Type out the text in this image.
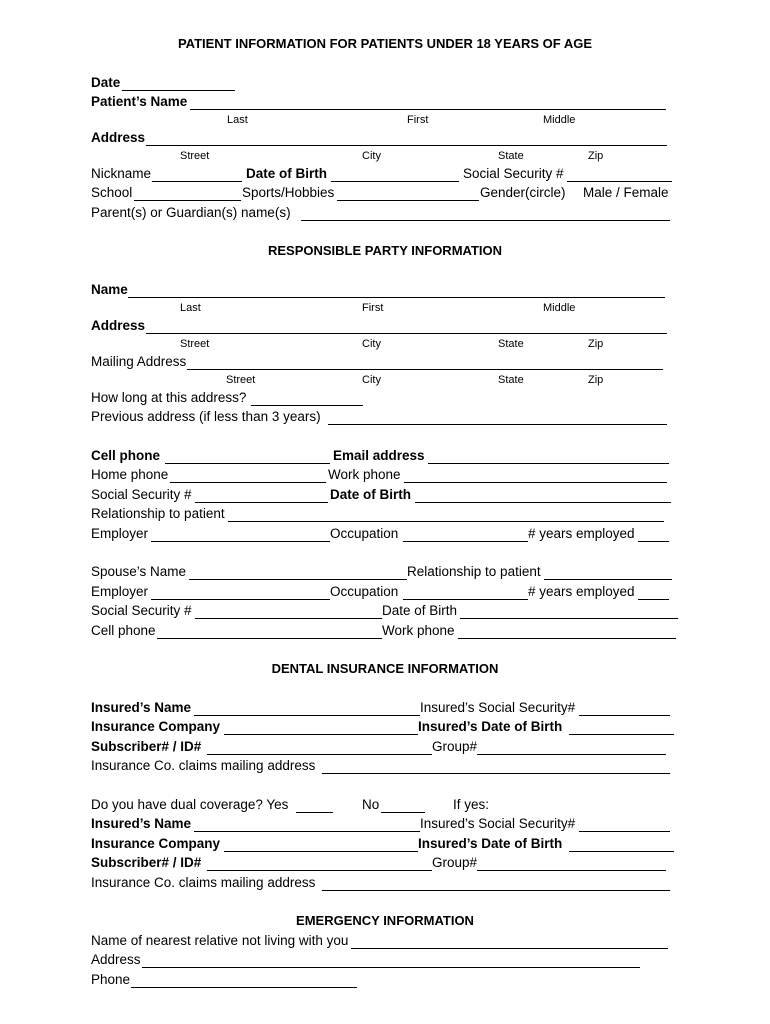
PATIENT INFORMATION FOR PATIENTS UNDER 18 YEARS OF AGE
Date
Patient’s Name
Last	First	Middle
Address
Street	City	State	Zip
Nickname	Date of Birth	Social Security #
School	Sports/Hobbies	Gender(circle) Male / Female
Parent(s) or Guardian(s) name(s)
RESPONSIBLE PARTY INFORMATION
Name
Last	First	Middle
Address
Street	City	State	Zip
Mailing Address
Street	City	State	Zip
How long at this address?
Previous address (if less than 3 years)
Cell phone	Email address
Home phone	Work phone
Social Security #	Date of Birth
Relationship to patient
Employer	Occupation	# years employed
Spouse’s Name	Relationship to patient
Employer	Occupation	# years employed
Social Security #	Date of Birth
Cell phone	Work phone
DENTAL INSURANCE INFORMATION
Insured’s Name	Insured’s Social Security#
Insurance Company	Insured’s Date of Birth
Subscriber# / ID#	Group#
Insurance Co. claims mailing address
Do you have dual coverage? Yes	No	If yes:
Insured’s Name	Insured’s Social Security#
Insurance Company	Insured’s Date of Birth
Subscriber# / ID#	Group#
Insurance Co. claims mailing address
EMERGENCY INFORMATION
Name of nearest relative not living with you
Address
Phone
